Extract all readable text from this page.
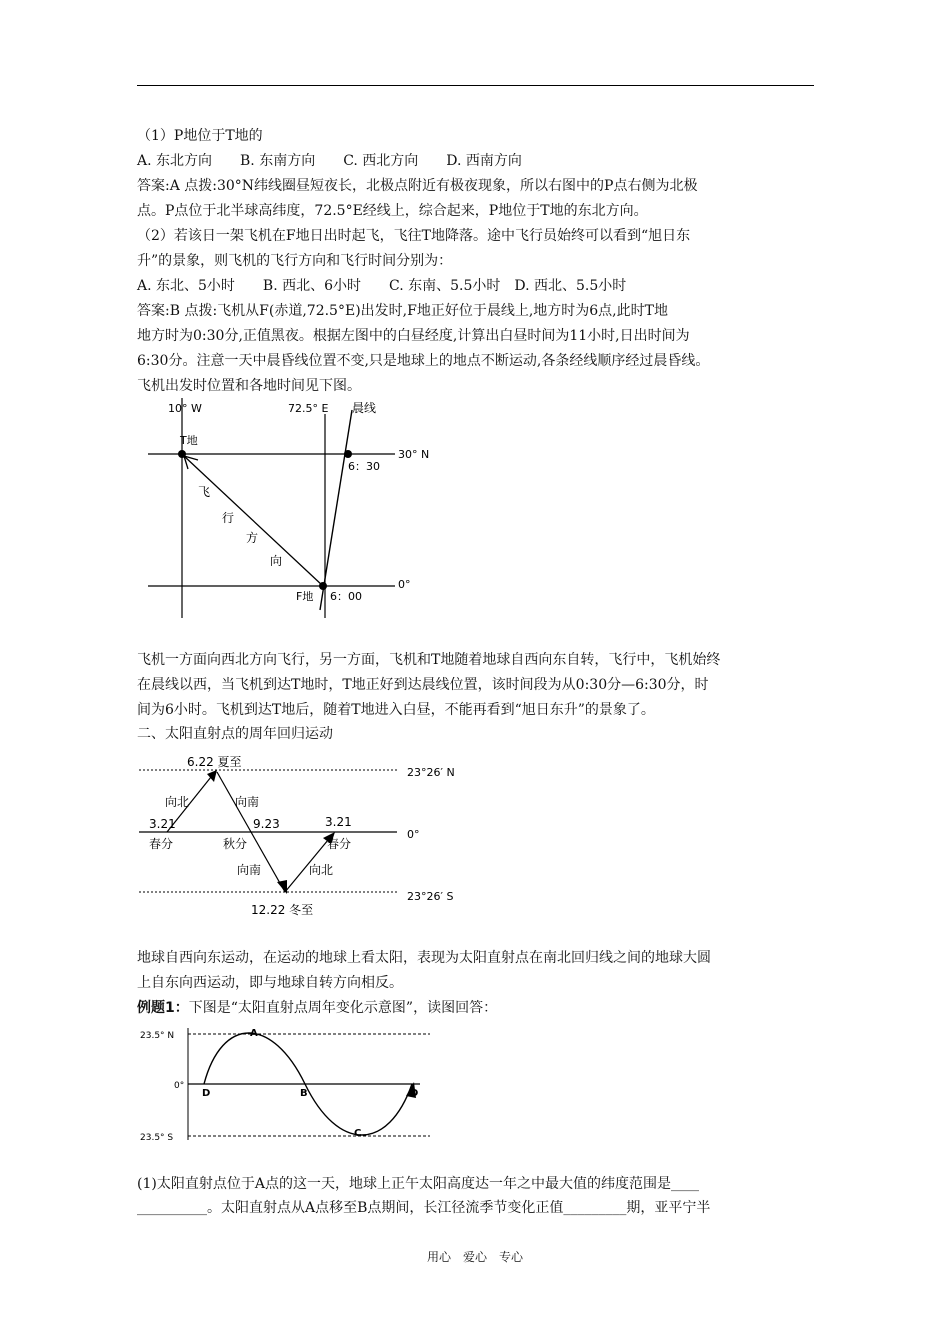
（1）P地位于T地的
A. 东北方向　　B. 东南方向　　C. 西北方向　　D. 西南方向
答案:A 点拨:30°N纬线圈昼短夜长，北极点附近有极夜现象，所以右图中的P点右侧为北极
点。P点位于北半球高纬度，72.5°E经线上，综合起来，P地位于T地的东北方向。
（2）若该日一架飞机在F地日出时起飞，飞往T地降落。途中飞行员始终可以看到“旭日东
升”的景象，则飞机的飞行方向和飞行时间分别为：
A. 东北、5小时　　B. 西北、6小时　　C. 东南、5.5小时　D. 西北、5.5小时
答案:B 点拨:飞机从F(赤道,72.5°E)出发时,F地正好位于晨线上,地方时为6点,此时T地
地方时为0:30分,正值黑夜。根据左图中的白昼经度,计算出白昼时间为11小时,日出时间为
6:30分。注意一天中晨昏线位置不变,只是地球上的地点不断运动,各条经线顺序经过晨昏线。
飞机出发时位置和各地时间见下图。
10° W	72.5° E 晨线
30° N
0°
T地
F地
6：30
6：00
飞
行
方
向
飞机一方面向西北方向飞行，另一方面，飞机和T地随着地球自西向东自转，飞行中，飞机始终
在晨线以西，当飞机到达T地时，T地正好到达晨线位置，该时间段为从0:30分—6:30分，时
间为6小时。飞机到达T地后，随着T地进入白昼，不能再看到“旭日东升”的景象了。
二、太阳直射点的周年回归运动
6.22 夏至
12.22 冬至
3.21
春分
9.23
秋分
3.21
春分
向北	向南
向南	向北
23°26′ N
0°
23°26′ S
地球自西向东运动，在运动的地球上看太阳，表现为太阳直射点在南北回归线之间的地球大圆
上自东向西运动，即与地球自转方向相反。
例题1：下图是“太阳直射点周年变化示意图”，读图回答：
23.5° N
0°
23.5° S
A
B
C
D	D
(1)太阳直射点位于A点的这一天，地球上正午太阳高度达一年之中最大值的纬度范围是____
__________。太阳直射点从A点移至B点期间，长江径流季节变化正值_________期，亚平宁半
用心　爱心　专心
